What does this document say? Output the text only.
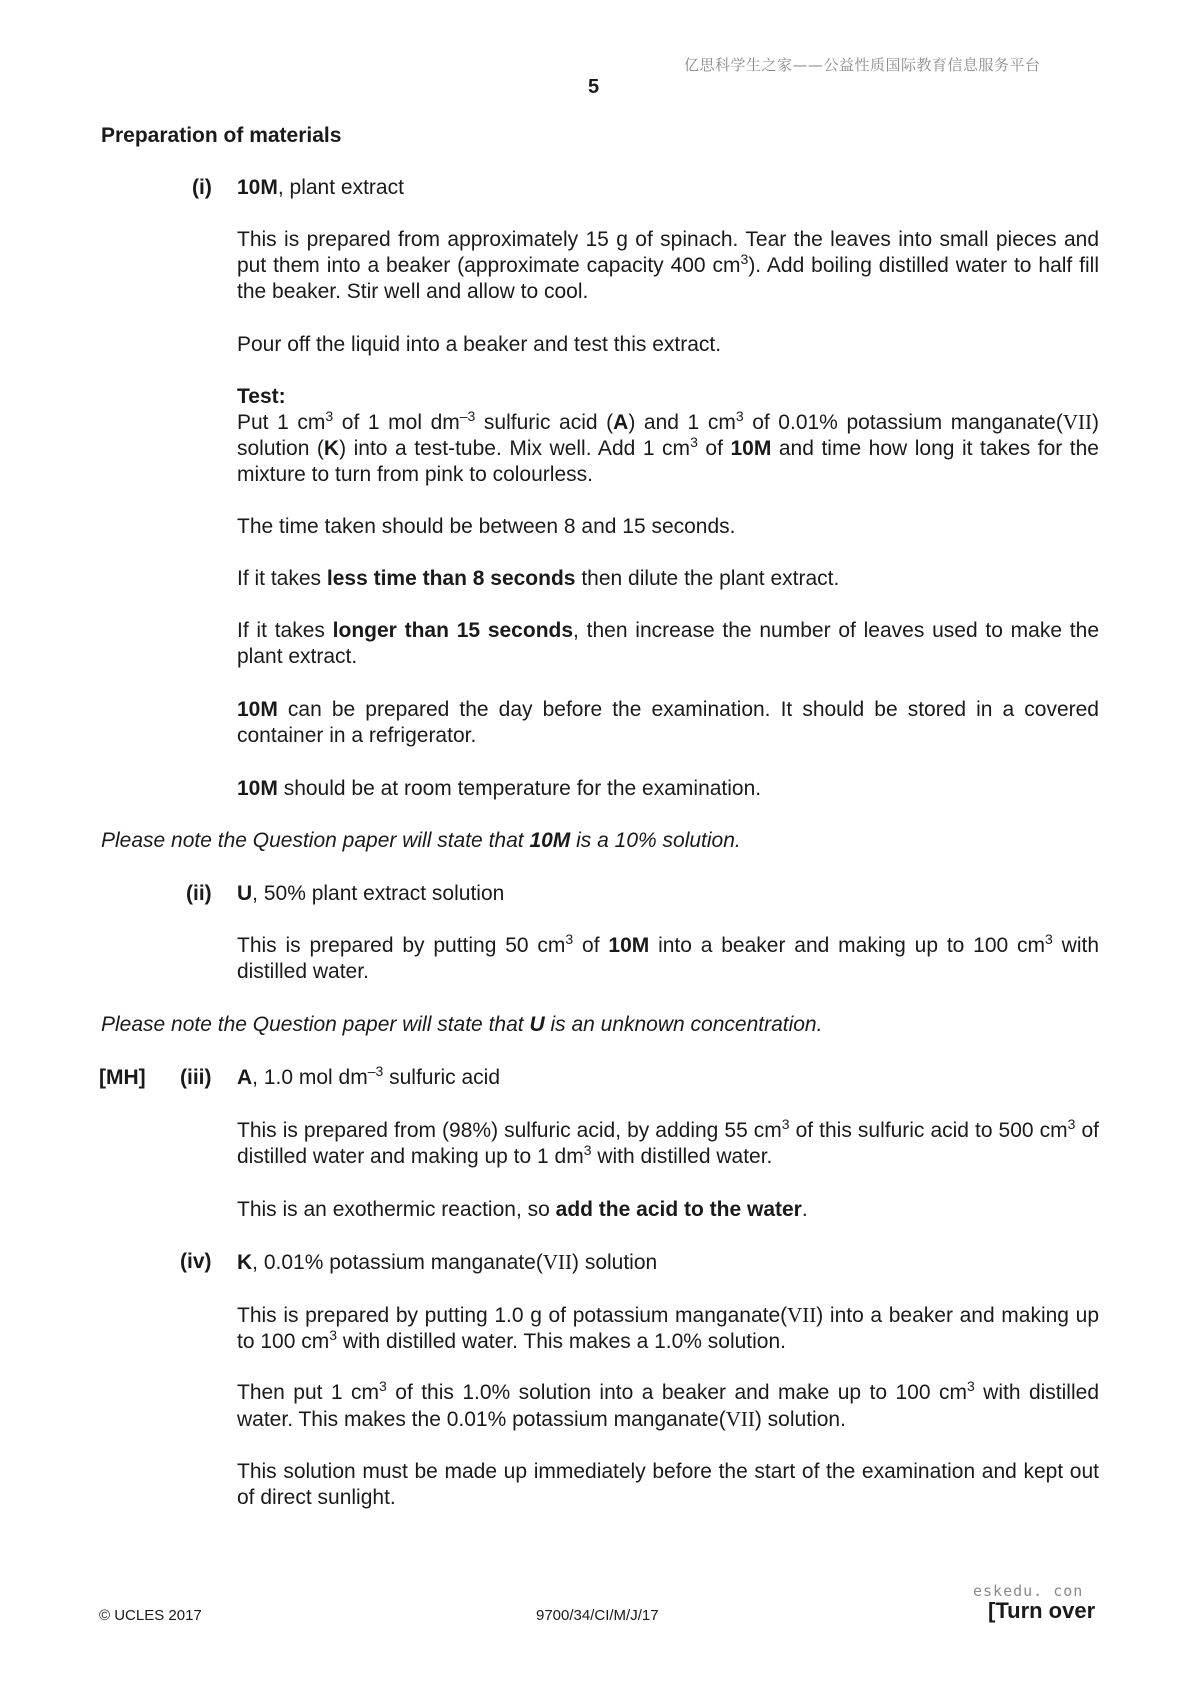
亿思科学生之家——公益性质国际教育信息服务平台
5
Preparation of materials
(i) 10M, plant extract
This is prepared from approximately 15 g of spinach. Tear the leaves into small pieces and put them into a beaker (approximate capacity 400 $cm^3$). Add boiling distilled water to half fill the beaker. Stir well and allow to cool.
Pour off the liquid into a beaker and test this extract.
Test:
Put 1 $cm^3$ of 1 mol $dm^{-3}$ sulfuric acid (A) and 1 $cm^3$ of 0.01% potassium manganate(VII) solution (K) into a test-tube. Mix well. Add 1 $cm^3$ of 10M and time how long it takes for the mixture to turn from pink to colourless.
The time taken should be between 8 and 15 seconds.
If it takes less time than 8 seconds then dilute the plant extract.
If it takes longer than 15 seconds, then increase the number of leaves used to make the plant extract.
10M can be prepared the day before the examination. It should be stored in a covered container in a refrigerator.
10M should be at room temperature for the examination.
Please note the Question paper will state that 10M is a 10% solution.
(ii) U, 50% plant extract solution
This is prepared by putting 50 $cm^3$ of 10M into a beaker and making up to 100 $cm^3$ with distilled water.
Please note the Question paper will state that U is an unknown concentration.
[MH] (iii) A, 1.0 mol $dm^{-3}$ sulfuric acid
This is prepared from (98%) sulfuric acid, by adding 55 $cm^3$ of this sulfuric acid to 500 $cm^3$ of distilled water and making up to 1 $dm^3$ with distilled water.
This is an exothermic reaction, so add the acid to the water.
(iv) K, 0.01% potassium manganate(VII) solution
This is prepared by putting 1.0 g of potassium manganate(VII) into a beaker and making up to 100 $cm^3$ with distilled water. This makes a 1.0% solution.
Then put 1 $cm^3$ of this 1.0% solution into a beaker and make up to 100 $cm^3$ with distilled water. This makes the 0.01% potassium manganate(VII) solution.
This solution must be made up immediately before the start of the examination and kept out of direct sunlight.
© UCLES 2017	9700/34/CI/M/J/17
eskedu. con
[Turn over
